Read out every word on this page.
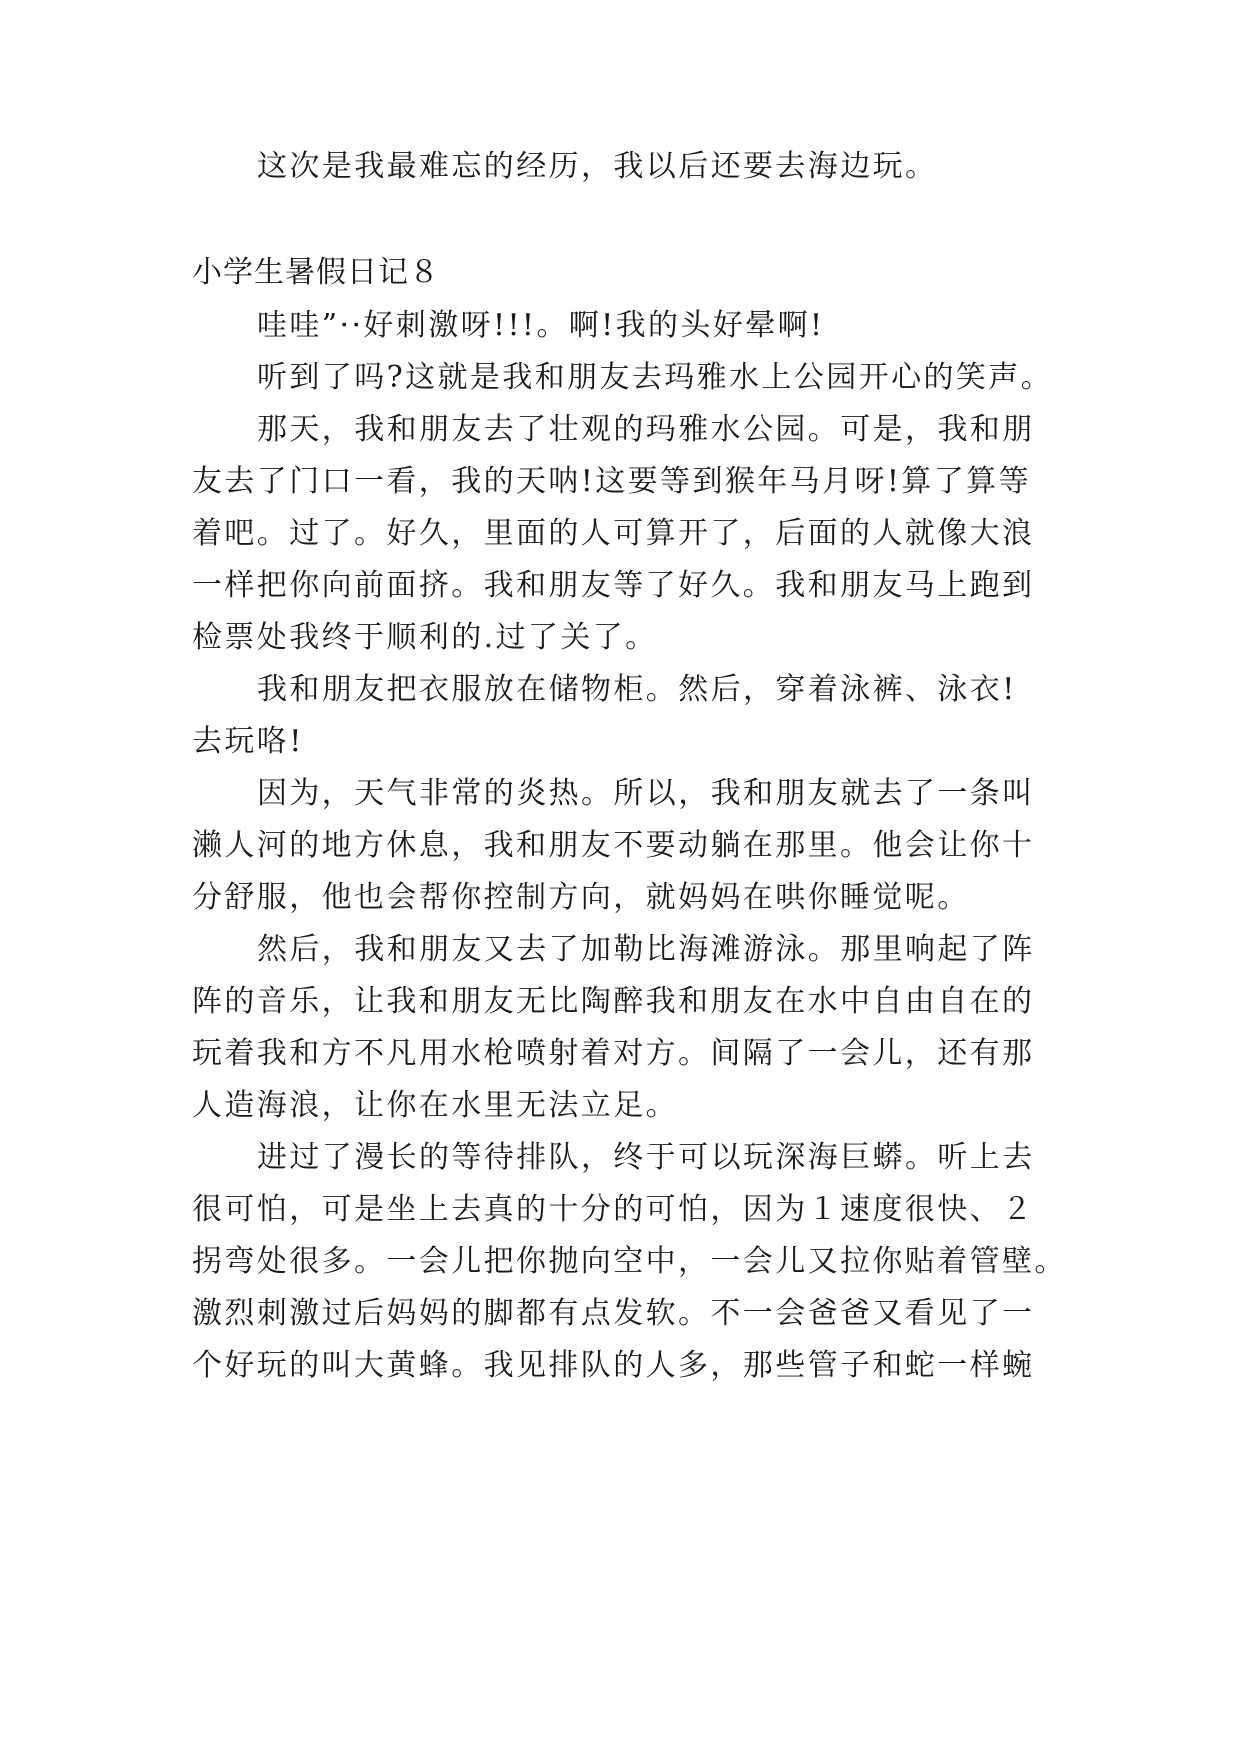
这次是我最难忘的经历，我以后还要去海边玩。
小学生暑假日记８
哇哇”··好刺激呀!!!。啊!我的头好晕啊!
听到了吗?这就是我和朋友去玛雅水上公园开心的笑声。
那天，我和朋友去了壮观的玛雅水公园。可是，我和朋
友去了门口一看，我的天呐!这要等到猴年马月呀!算了算等
着吧。过了。好久，里面的人可算开了，后面的人就像大浪
一样把你向前面挤。我和朋友等了好久。我和朋友马上跑到
检票处我终于顺利的.过了关了。
我和朋友把衣服放在储物柜。然后，穿着泳裤、泳衣!
去玩咯!
因为，天气非常的炎热。所以，我和朋友就去了一条叫
濑人河的地方休息，我和朋友不要动躺在那里。他会让你十
分舒服，他也会帮你控制方向，就妈妈在哄你睡觉呢。
然后，我和朋友又去了加勒比海滩游泳。那里响起了阵
阵的音乐，让我和朋友无比陶醉我和朋友在水中自由自在的
玩着我和方不凡用水枪喷射着对方。间隔了一会儿，还有那
人造海浪，让你在水里无法立足。
进过了漫长的等待排队，终于可以玩深海巨蟒。听上去
很可怕，可是坐上去真的十分的可怕，因为１速度很快、２
拐弯处很多。一会儿把你抛向空中，一会儿又拉你贴着管壁。
激烈刺激过后妈妈的脚都有点发软。不一会爸爸又看见了一
个好玩的叫大黄蜂。我见排队的人多，那些管子和蛇一样蜿
